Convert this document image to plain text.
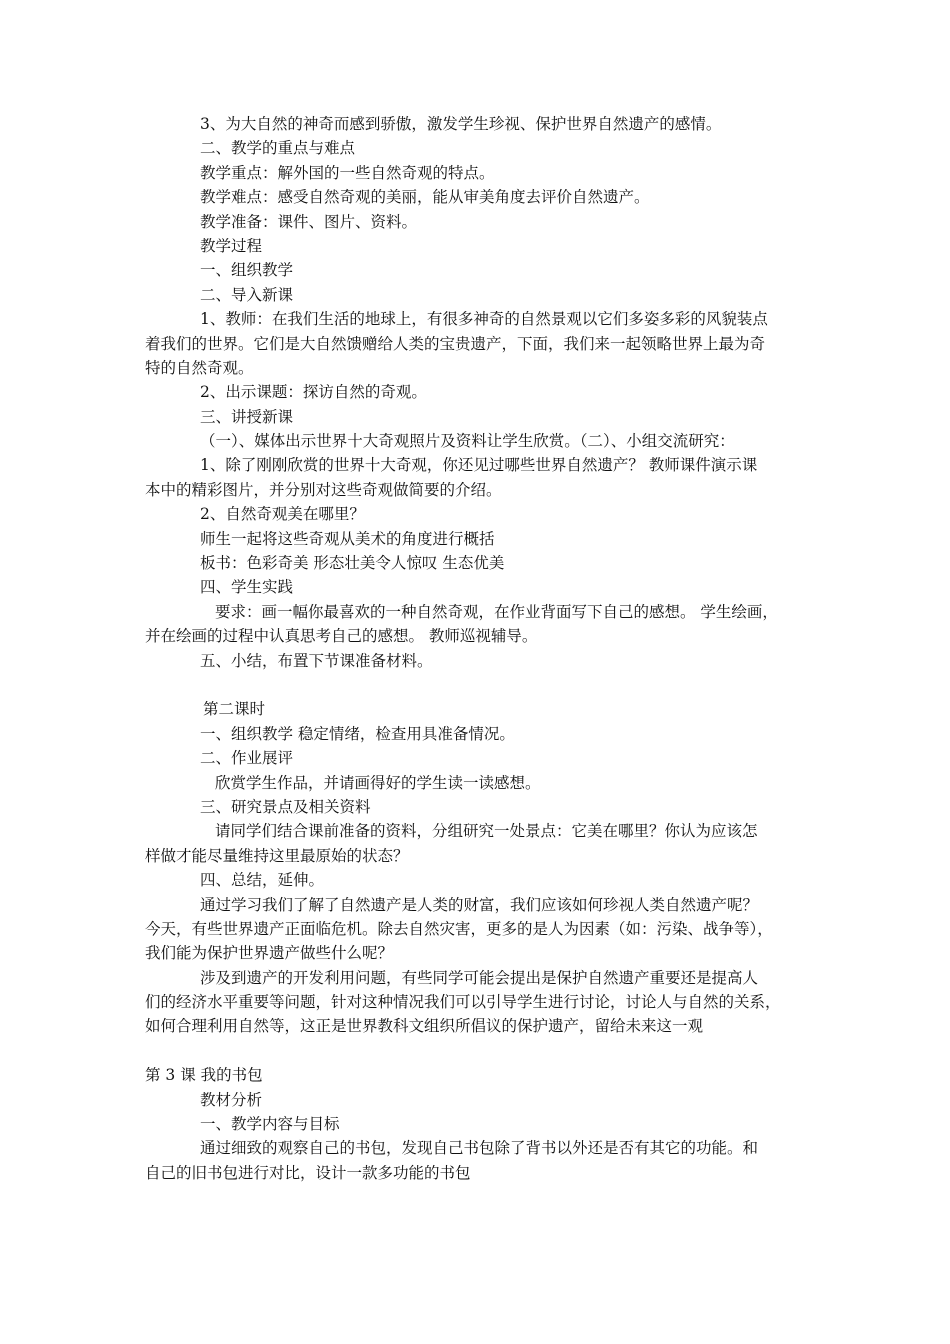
3、为大自然的神奇而感到骄傲，激发学生珍视、保护世界自然遗产的感情。
二、教学的重点与难点
教学重点：解外国的一些自然奇观的特点。
教学难点：感受自然奇观的美丽，能从审美角度去评价自然遗产。
教学准备：课件、图片、资料。
教学过程
一、组织教学
二、导入新课
1、教师：在我们生活的地球上，有很多神奇的自然景观以它们多姿多彩的风貌装点
着我们的世界。它们是大自然馈赠给人类的宝贵遗产，下面，我们来一起领略世界上最为奇
特的自然奇观。
2、出示课题：探访自然的奇观。
三、讲授新课
（一）、媒体出示世界十大奇观照片及资料让学生欣赏。（二）、小组交流研究：
1、除了刚刚欣赏的世界十大奇观，你还见过哪些世界自然遗产？ 教师课件演示课
本中的精彩图片，并分别对这些奇观做简要的介绍。
2、自然奇观美在哪里？
师生一起将这些奇观从美术的角度进行概括
板书：色彩奇美 形态壮美令人惊叹 生态优美
四、学生实践
要求：画一幅你最喜欢的一种自然奇观，在作业背面写下自己的感想。 学生绘画，
并在绘画的过程中认真思考自己的感想。 教师巡视辅导。
五、小结，布置下节课准备材料。
第二课时
一、组织教学 稳定情绪，检查用具准备情况。
二、作业展评
欣赏学生作品，并请画得好的学生读一读感想。
三、研究景点及相关资料
请同学们结合课前准备的资料，分组研究一处景点：它美在哪里？你认为应该怎
样做才能尽量维持这里最原始的状态？
四、总结，延伸。
通过学习我们了解了自然遗产是人类的财富，我们应该如何珍视人类自然遗产呢？
今天，有些世界遗产正面临危机。除去自然灾害，更多的是人为因素（如：污染、战争等），
我们能为保护世界遗产做些什么呢？
涉及到遗产的开发利用问题，有些同学可能会提出是保护自然遗产重要还是提高人
们的经济水平重要等问题，针对这种情况我们可以引导学生进行讨论，讨论人与自然的关系，
如何合理利用自然等，这正是世界教科文组织所倡议的保护遗产，留给未来这一观
第 3 课 我的书包
教材分析
一、教学内容与目标
通过细致的观察自己的书包，发现自己书包除了背书以外还是否有其它的功能。和
自己的旧书包进行对比，设计一款多功能的书包
